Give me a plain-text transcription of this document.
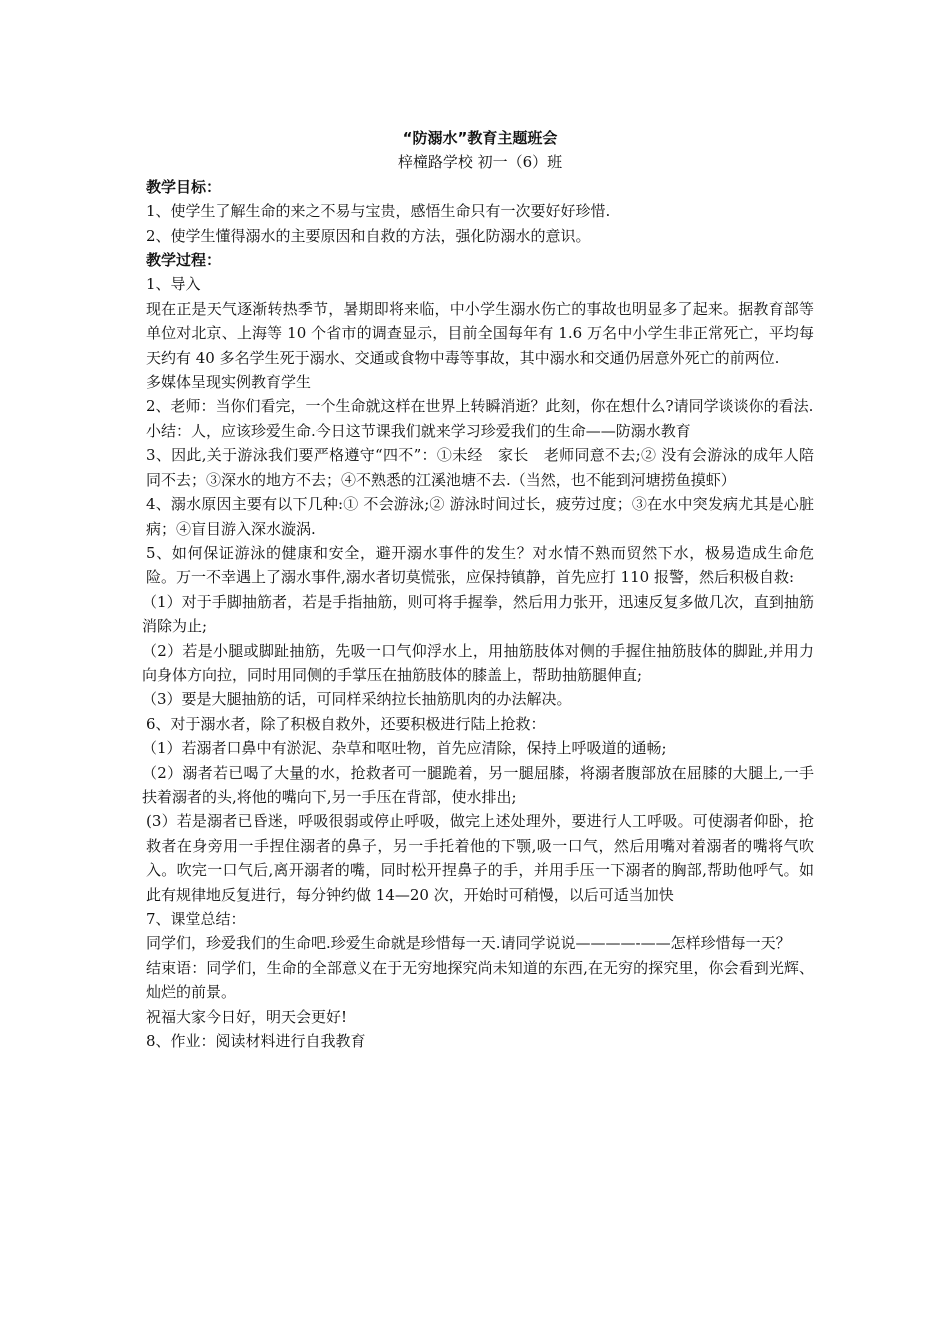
“防溺水”教育主题班会

梓橦路学校 初一（6）班

教学目标：

1、使学生了解生命的来之不易与宝贵，感悟生命只有一次要好好珍惜.

2、使学生懂得溺水的主要原因和自救的方法，强化防溺水的意识。

教学过程：

1、导入

现在正是天气逐渐转热季节，暑期即将来临，中小学生溺水伤亡的事故也明显多了起来。据教育部等单位对北京、上海等 10 个省市的调查显示，目前全国每年有 1.6 万名中小学生非正常死亡，平均每天约有 40 多名学生死于溺水、交通或食物中毒等事故，其中溺水和交通仍居意外死亡的前两位.

多媒体呈现实例教育学生

2、老师：当你们看完，一个生命就这样在世界上转瞬消逝？此刻，你在想什么?请同学谈谈你的看法.

小结：人，应该珍爱生命.今日这节课我们就来学习珍爱我们的生命——防溺水教育

3、因此,关于游泳我们要严格遵守“四不”：①未经　家长　老师同意不去;② 没有会游泳的成年人陪同不去；③深水的地方不去；④不熟悉的江溪池塘不去.（当然，也不能到河塘捞鱼摸虾）

4、溺水原因主要有以下几种:① 不会游泳;② 游泳时间过长，疲劳过度；③在水中突发病尤其是心脏病；④盲目游入深水漩涡.

5、如何保证游泳的健康和安全，避开溺水事件的发生？对水情不熟而贸然下水，极易造成生命危险。万一不幸遇上了溺水事件,溺水者切莫慌张，应保持镇静，首先应打 110 报警，然后积极自救:

（1）对于手脚抽筋者，若是手指抽筋，则可将手握拳，然后用力张开，迅速反复多做几次，直到抽筋消除为止;

（2）若是小腿或脚趾抽筋，先吸一口气仰浮水上，用抽筋肢体对侧的手握住抽筋肢体的脚趾,并用力向身体方向拉，同时用同侧的手掌压在抽筋肢体的膝盖上，帮助抽筋腿伸直;

（3）要是大腿抽筋的话，可同样采纳拉长抽筋肌肉的办法解决。

6、对于溺水者，除了积极自救外，还要积极进行陆上抢救：

（1）若溺者口鼻中有淤泥、杂草和呕吐物，首先应清除，保持上呼吸道的通畅;

（2）溺者若已喝了大量的水，抢救者可一腿跪着，另一腿屈膝，将溺者腹部放在屈膝的大腿上,一手扶着溺者的头,将他的嘴向下,另一手压在背部，使水排出;

(3）若是溺者已昏迷，呼吸很弱或停止呼吸，做完上述处理外，要进行人工呼吸。可使溺者仰卧，抢救者在身旁用一手捏住溺者的鼻子，另一手托着他的下颚,吸一口气，然后用嘴对着溺者的嘴将气吹入。吹完一口气后,离开溺者的嘴，同时松开捏鼻子的手，并用手压一下溺者的胸部,帮助他呼气。如此有规律地反复进行，每分钟约做 14—20 次，开始时可稍慢，以后可适当加快

7、课堂总结：

同学们，珍爱我们的生命吧.珍爱生命就是珍惜每一天.请同学说说————-——怎样珍惜每一天？

结束语：同学们，生命的全部意义在于无穷地探究尚未知道的东西,在无穷的探究里，你会看到光辉、灿烂的前景。

祝福大家今日好，明天会更好!

8、作业：阅读材料进行自我教育
